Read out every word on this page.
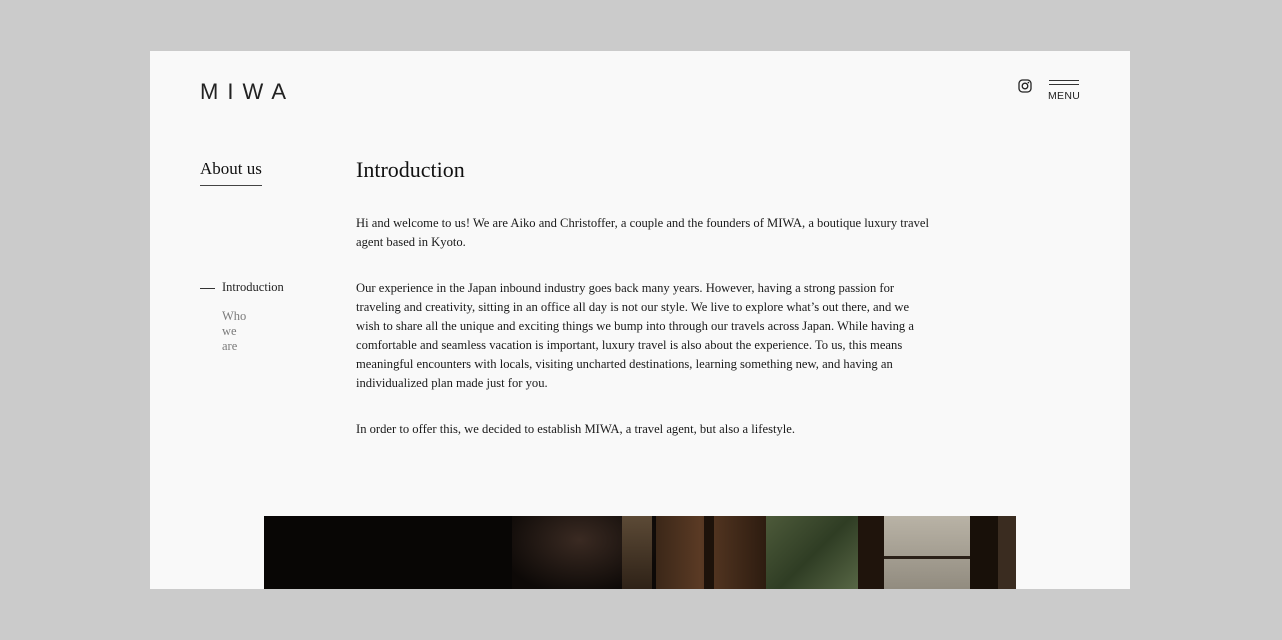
MIWA	MENU
About us
Introduction
Who we are
Introduction

Hi and welcome to us! We are Aiko and Christoffer, a couple and the founders of MIWA, a boutique luxury travel agent based in Kyoto.

Our experience in the Japan inbound industry goes back many years. However, having a strong passion for traveling and creativity, sitting in an office all day is not our style. We live to explore what’s out there, and we wish to share all the unique and exciting things we bump into through our travels across Japan. While having a comfortable and seamless vacation is important, luxury travel is also about the experience. To us, this means meaningful encounters with locals, visiting uncharted destinations, learning something new, and having an individualized plan made just for you.

In order to offer this, we decided to establish MIWA, a travel agent, but also a lifestyle.
